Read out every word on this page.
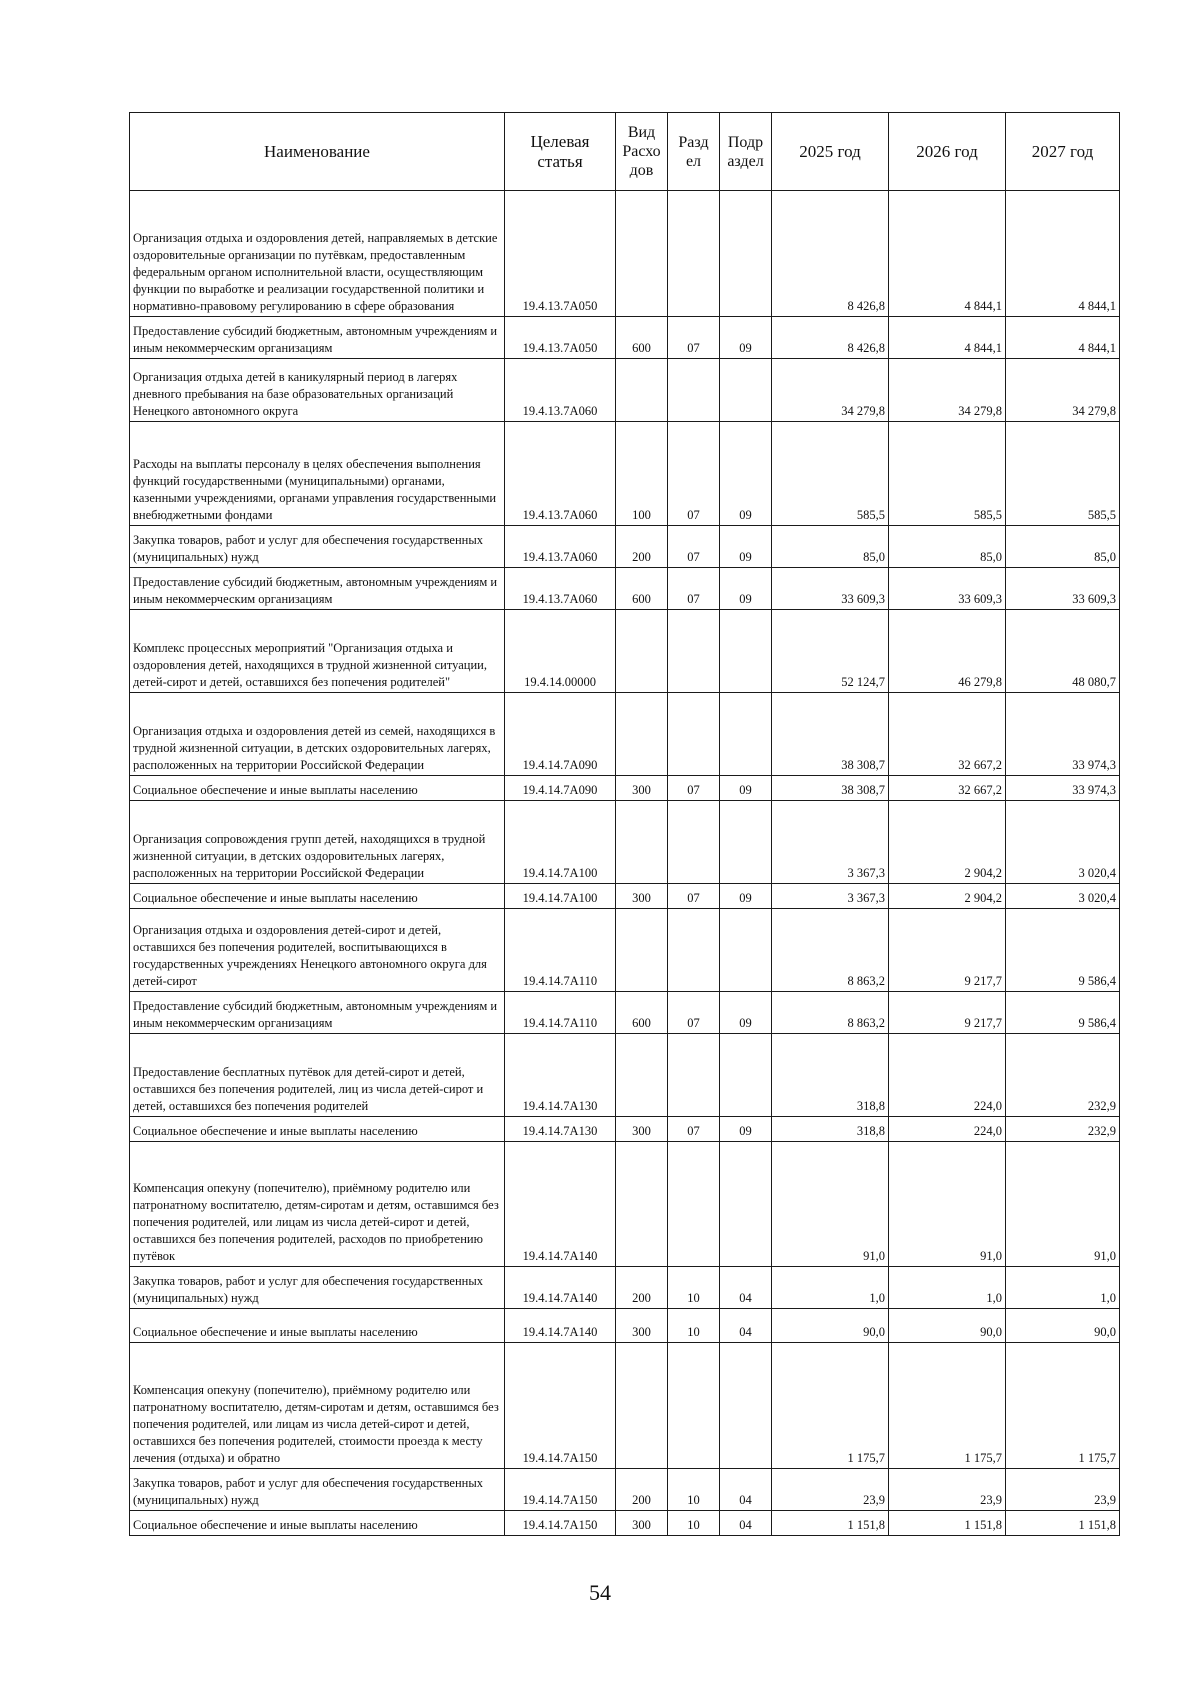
Наименование	Целевая статья	Вид Расхо дов	Разд ел	Подр аздел	2025 год	2026 год	2027 год
Организация отдыха и оздоровления детей, направляемых в детские оздоровительные организации по путёвкам, предоставленным федеральным органом исполнительной власти, осуществляющим функции по выработке и реализации государственной политики и нормативно-правовому регулированию в сфере образования	19.4.13.7А050				8 426,8	4 844,1	4 844,1
Предоставление субсидий бюджетным, автономным учреждениям и иным некоммерческим организациям	19.4.13.7А050	600	07	09	8 426,8	4 844,1	4 844,1
Организация отдыха детей в каникулярный период в лагерях дневного пребывания на базе образовательных организаций Ненецкого автономного округа	19.4.13.7А060				34 279,8	34 279,8	34 279,8
Расходы на выплаты персоналу в целях обеспечения выполнения функций государственными (муниципальными) органами, казенными учреждениями, органами управления государственными внебюджетными фондами	19.4.13.7А060	100	07	09	585,5	585,5	585,5
Закупка товаров, работ и услуг для обеспечения государственных (муниципальных) нужд	19.4.13.7А060	200	07	09	85,0	85,0	85,0
Предоставление субсидий бюджетным, автономным учреждениям и иным некоммерческим организациям	19.4.13.7А060	600	07	09	33 609,3	33 609,3	33 609,3
Комплекс процессных мероприятий "Организация отдыха и оздоровления детей, находящихся в трудной жизненной ситуации, детей-сирот и детей, оставшихся без попечения родителей"	19.4.14.00000				52 124,7	46 279,8	48 080,7
Организация отдыха и оздоровления детей из семей, находящихся в трудной жизненной ситуации, в детских оздоровительных лагерях, расположенных на территории Российской Федерации	19.4.14.7А090				38 308,7	32 667,2	33 974,3
Социальное обеспечение и иные выплаты населению	19.4.14.7А090	300	07	09	38 308,7	32 667,2	33 974,3
Организация сопровождения групп детей, находящихся в трудной жизненной ситуации, в детских оздоровительных лагерях, расположенных на территории Российской Федерации	19.4.14.7А100				3 367,3	2 904,2	3 020,4
Социальное обеспечение и иные выплаты населению	19.4.14.7А100	300	07	09	3 367,3	2 904,2	3 020,4
Организация отдыха и оздоровления детей-сирот и детей, оставшихся без попечения родителей, воспитывающихся в государственных учреждениях Ненецкого автономного округа для детей-сирот	19.4.14.7А110				8 863,2	9 217,7	9 586,4
Предоставление субсидий бюджетным, автономным учреждениям и иным некоммерческим организациям	19.4.14.7А110	600	07	09	8 863,2	9 217,7	9 586,4
Предоставление бесплатных путёвок для детей-сирот и детей, оставшихся без попечения родителей, лиц из числа детей-сирот и детей, оставшихся без попечения родителей	19.4.14.7А130				318,8	224,0	232,9
Социальное обеспечение и иные выплаты населению	19.4.14.7А130	300	07	09	318,8	224,0	232,9
Компенсация опекуну (попечителю), приёмному родителю или патронатному воспитателю, детям-сиротам и детям, оставшимся без попечения родителей, или лицам из числа детей-сирот и детей, оставшихся без попечения родителей, расходов по приобретению путёвок	19.4.14.7А140				91,0	91,0	91,0
Закупка товаров, работ и услуг для обеспечения государственных (муниципальных) нужд	19.4.14.7А140	200	10	04	1,0	1,0	1,0
Социальное обеспечение и иные выплаты населению	19.4.14.7А140	300	10	04	90,0	90,0	90,0
Компенсация опекуну (попечителю), приёмному родителю или патронатному воспитателю, детям-сиротам и детям, оставшимся без попечения родителей, или лицам из числа детей-сирот и детей, оставшихся без попечения родителей, стоимости проезда к месту лечения (отдыха) и обратно	19.4.14.7А150				1 175,7	1 175,7	1 175,7
Закупка товаров, работ и услуг для обеспечения государственных (муниципальных) нужд	19.4.14.7А150	200	10	04	23,9	23,9	23,9
Социальное обеспечение и иные выплаты населению	19.4.14.7А150	300	10	04	1 151,8	1 151,8	1 151,8
54
